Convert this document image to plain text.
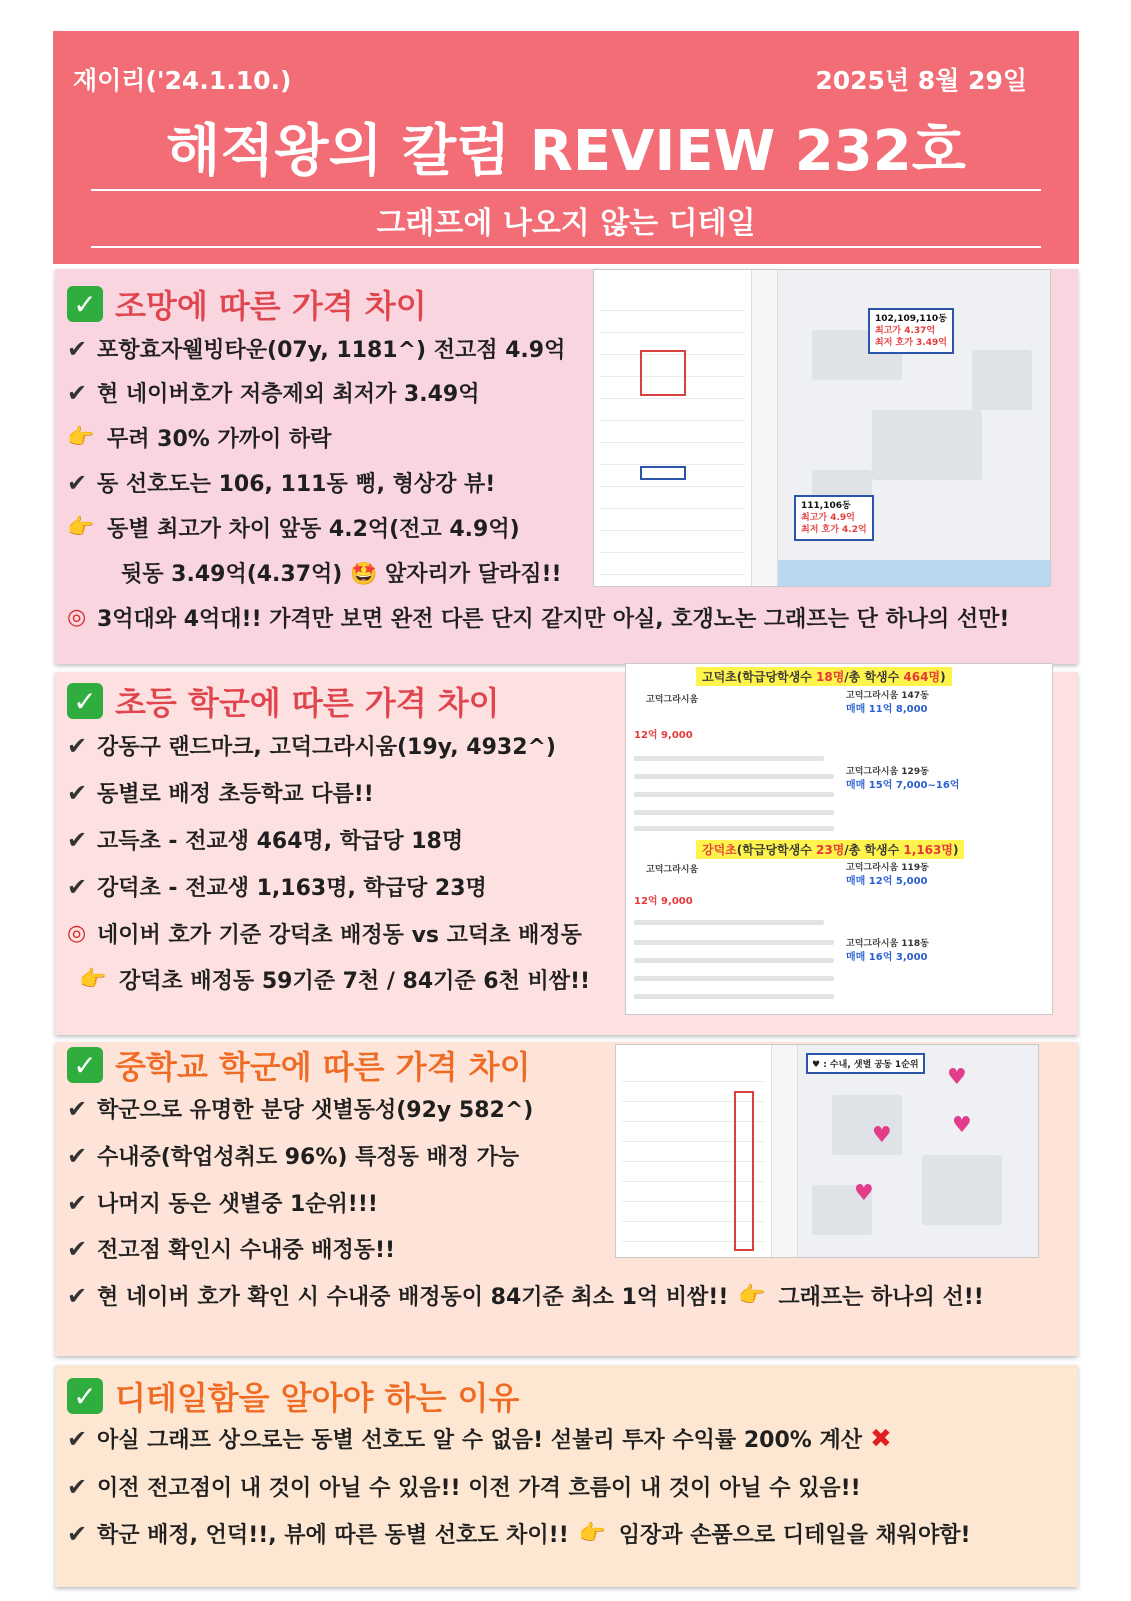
재이리('24.1.10.)	2025년 8월 29일
해적왕의 칼럼 REVIEW 232호
그래프에 나오지 않는 디테일
✓ 조망에 따른 가격 차이
✔ 포항효자웰빙타운(07y, 1181^) 전고점 4.9억
✔ 현 네이버호가 저층제외 최저가 3.49억
👉 무려 30% 가까이 하락
✔ 동 선호도는 106, 111동 뻥, 형상강 뷰!
👉 동별 최고가 차이 앞동 4.2억(전고 4.9억)
뒷동 3.49억(4.37억) 🤩 앞자리가 달라짐!!
◎ 3억대와 4억대!! 가격만 보면 완전 다른 단지 같지만 아실, 호갱노논 그래프는 단 하나의 선만!
102,109,110동
최고가 4.37억
최저 호가 3.49억
111,106동
최고가 4.9억
최저 호가 4.2억
✓ 초등 학군에 따른 가격 차이
✔ 강동구 랜드마크, 고덕그라시움(19y, 4932^)
✔ 동별로 배정 초등학교 다름!!
✔ 고득초 - 전교생 464명, 학급당 18명
✔ 강덕초 - 전교생 1,163명, 학급당 23명
◎ 네이버 호가 기준 강덕초 배정동 vs 고덕초 배정동
👉 강덕초 배정동 59기준 7천 / 84기준 6천 비쌈!!
고덕초(학급당학생수 18명/총 학생수 464명)
고덕그라시움
12억 9,000
고덕그라시움 147동
매매 11억 8,000
고덕그라시움 129동
매매 15억 7,000~16억
강덕초(학급당학생수 23명/총 학생수 1,163명)
고덕그라시움
12억 9,000
고덕그라시움 119동
매매 12억 5,000
고덕그라시움 118동
매매 16억 3,000
✓ 중학교 학군에 따른 가격 차이
✔ 학군으로 유명한 분당 샛별동성(92y 582^)
✔ 수내중(학업성취도 96%) 특정동 배정 가능
✔ 나머지 동은 샛별중 1순위!!!
✔ 전고점 확인시 수내중 배정동!!
✔ 현 네이버 호가 확인 시 수내중 배정동이 84기준 최소 1억 비쌈!! 👉 그래프는 하나의 선!!
♥ : 수내, 샛별 공동 1순위 ♥
♥
♥
♥
✓ 디테일함을 알아야 하는 이유
✔ 아실 그래프 상으로는 동별 선호도 알 수 없음! 섣불리 투자 수익률 200% 계산 ✖
✔ 이전 전고점이 내 것이 아닐 수 있음!! 이전 가격 흐름이 내 것이 아닐 수 있음!!
✔ 학군 배정, 언덕!!, 뷰에 따른 동별 선호도 차이!! 👉 임장과 손품으로 디테일을 채워야함!
